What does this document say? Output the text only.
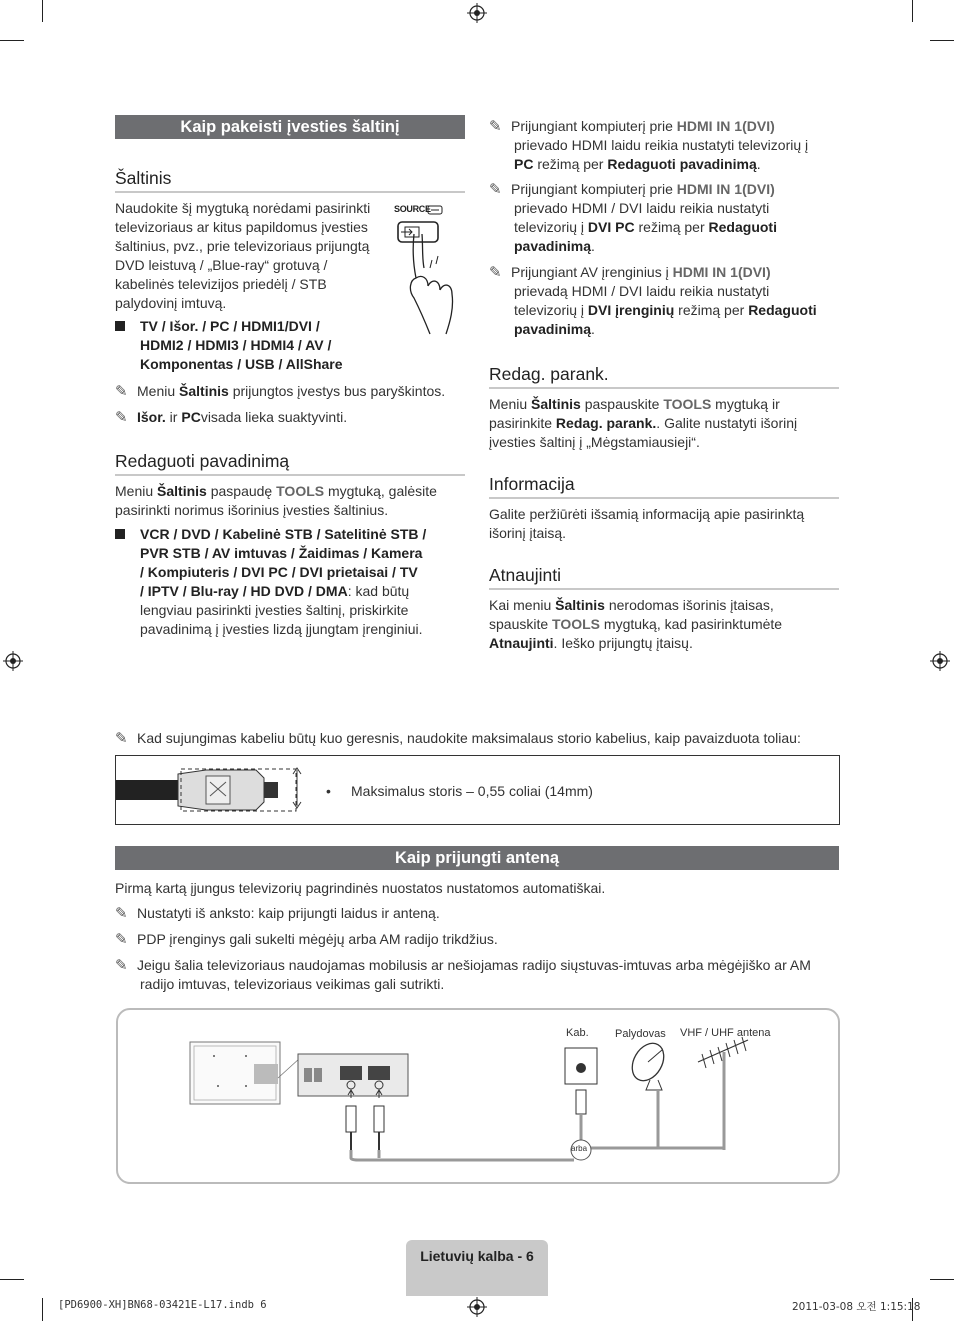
Kaip pakeisti įvesties šaltinį
Šaltinis
Naudokite šį mygtuką norėdami pasirinkti
televizoriaus ar kitus papildomus įvesties
šaltinius, pvz., prie televizoriaus prijungtą
DVD leistuvą / „Blue-ray“ grotuvą /
kabelinės televizijos priedėlį / STB
palydovinį imtuvą.
SOURCE
TV / Išor. / PC / HDMI1/DVI /
HDMI2 / HDMI3 / HDMI4 / AV /
Komponentas / USB / AllShare
✎ Meniu Šaltinis prijungtos įvestys bus paryškintos.
✎ Išor. ir PCvisada lieka suaktyvinti.
Redaguoti pavadinimą
Meniu Šaltinis paspaudę TOOLS mygtuką, galėsite
pasirinkti norimus išorinius įvesties šaltinius.
VCR / DVD / Kabelinė STB / Satelitinė STB /
PVR STB / AV imtuvas / Žaidimas / Kamera
/ Kompiuteris / DVI PC / DVI prietaisai / TV
/ IPTV / Blu-ray / HD DVD / DMA: kad būtų
lengviau pasirinkti įvesties šaltinį, priskirkite
pavadinimą į įvesties lizdą įjungtam įrenginiui.
✎ Prijungiant kompiuterį prie HDMI IN 1(DVI)
prievado HDMI laidu reikia nustatyti televizorių į
PC režimą per Redaguoti pavadinimą.
✎ Prijungiant kompiuterį prie HDMI IN 1(DVI)
prievado HDMI / DVI laidu reikia nustatyti
televizorių į DVI PC režimą per Redaguoti
pavadinimą.
✎ Prijungiant AV įrenginius į HDMI IN 1(DVI)
prievadą HDMI / DVI laidu reikia nustatyti
televizorių į DVI įrenginių režimą per Redaguoti
pavadinimą.
Redag. parank.
Meniu Šaltinis paspauskite TOOLS mygtuką ir
pasirinkite Redag. parank.. Galite nustatyti išorinį
įvesties šaltinį į „Mėgstamiausieji“.
Informacija
Galite peržiūrėti išsamią informaciją apie pasirinktą
išorinį įtaisą.
Atnaujinti
Kai meniu Šaltinis nerodomas išorinis įtaisas,
spauskite TOOLS mygtuką, kad pasirinktumėte
Atnaujinti. Ieško prijungtų įtaisų.
✎ Kad sujungimas kabeliu būtų kuo geresnis, naudokite maksimalaus storio kabelius, kaip pavaizduota toliau:
• Maksimalus storis – 0,55 coliai (14mm)
Kaip prijungti anteną
Pirmą kartą įjungus televizorių pagrindinės nuostatos nustatomos automatiškai.
✎ Nustatyti iš anksto: kaip prijungti laidus ir anteną.
✎ PDP įrenginys gali sukelti mėgėjų arba AM radijo trikdžius.
✎ Jeigu šalia televizoriaus naudojamas mobilusis ar nešiojamas radijo siųstuvas-imtuvas arba mėgėjiško ar AM
radijo imtuvas, televizoriaus veikimas gali sutrikti.
Kab. Palydovas VHF / UHF antena
arba
Lietuvių kalba - 6
[PD6900-XH]BN68-03421E-L17.indb 6	2011-03-08 오전 1:15:18
